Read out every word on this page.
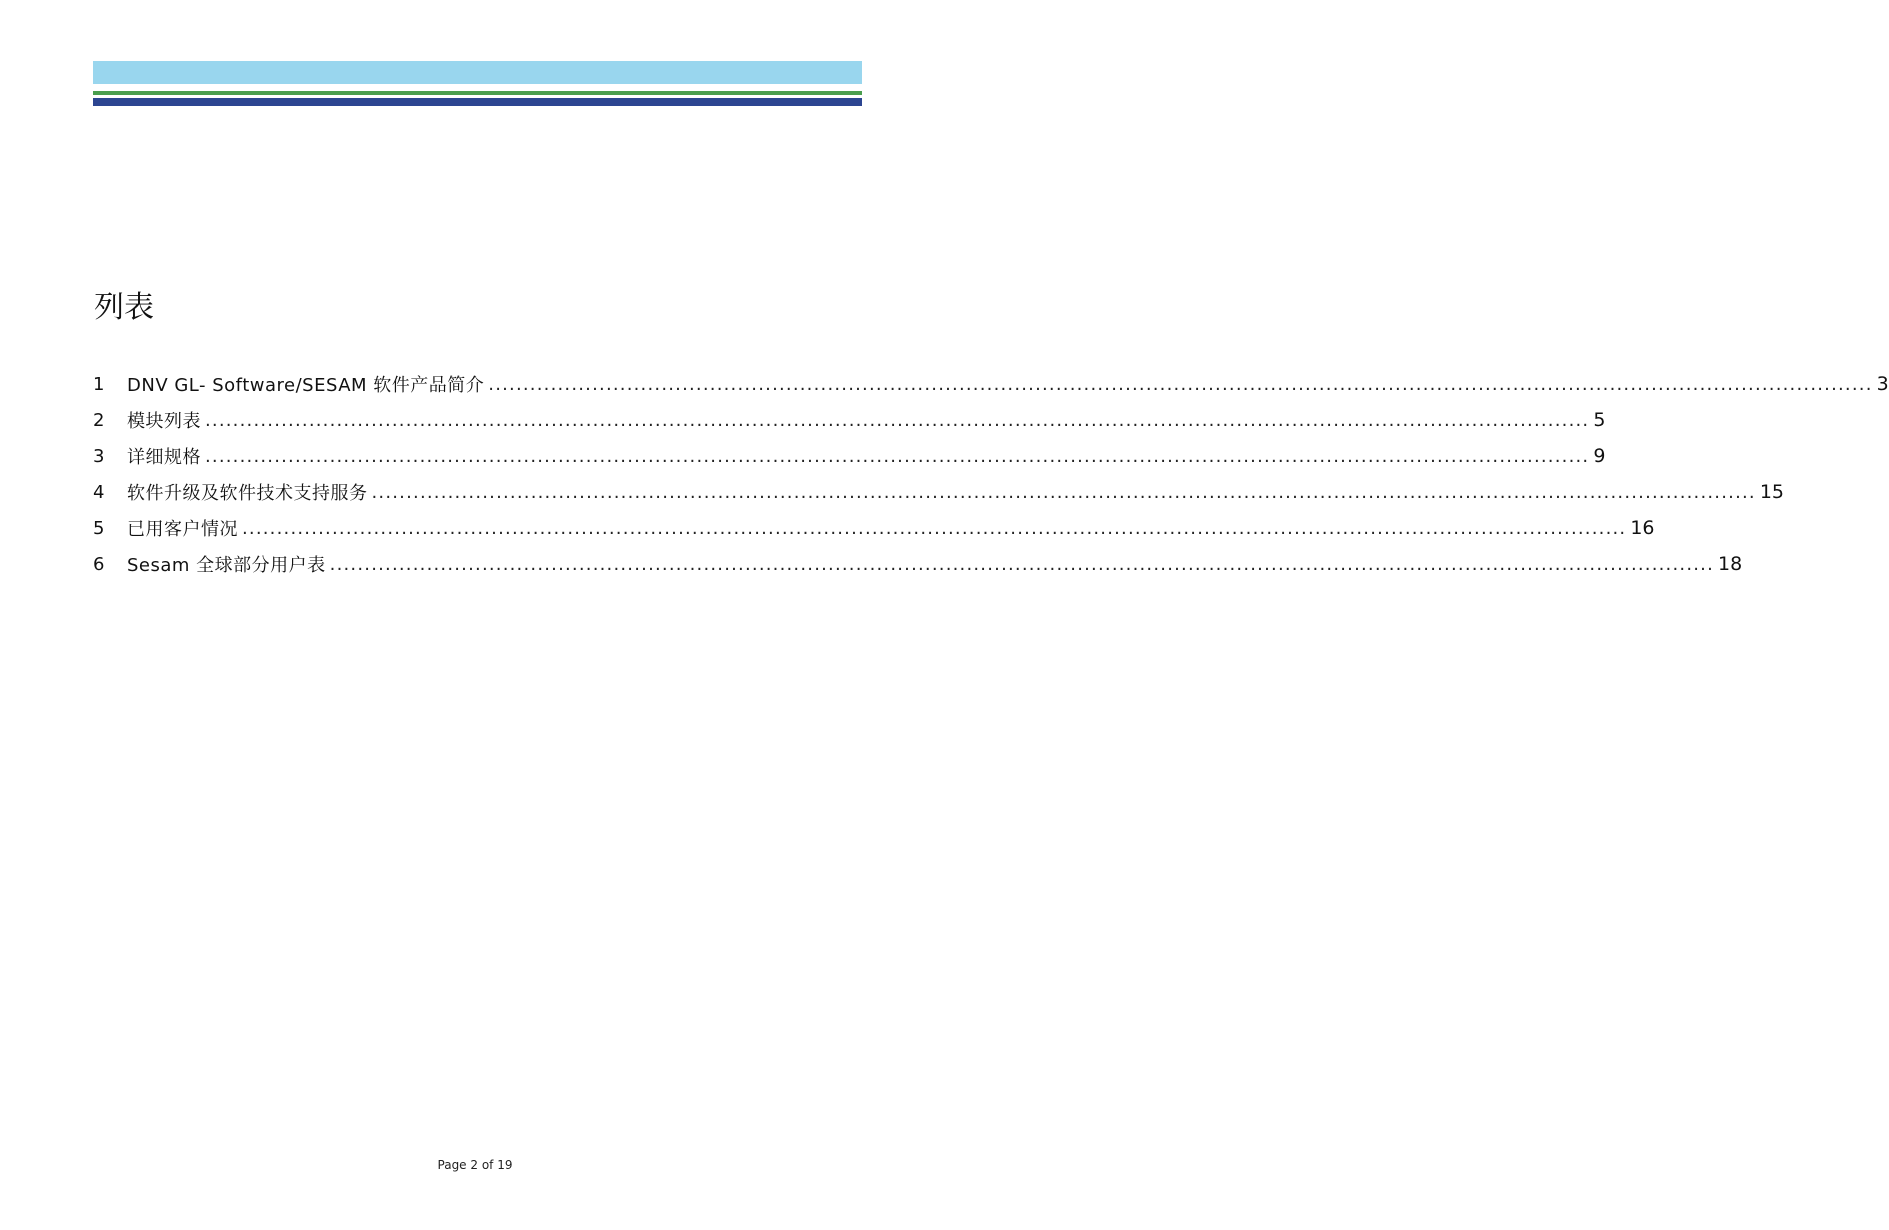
列表
1	DNV GL- Software/SESAM 软件产品简介 ........................................................................................................................................................................................................ 3
2	模块列表 ........................................................................................................................................................................................................ 5
3	详细规格 ........................................................................................................................................................................................................ 9
4	软件升级及软件技术支持服务 ........................................................................................................................................................................................................ 15
5	已用客户情况 ........................................................................................................................................................................................................ 16
6	Sesam 全球部分用户表 ........................................................................................................................................................................................................ 18
Page 2 of 19
